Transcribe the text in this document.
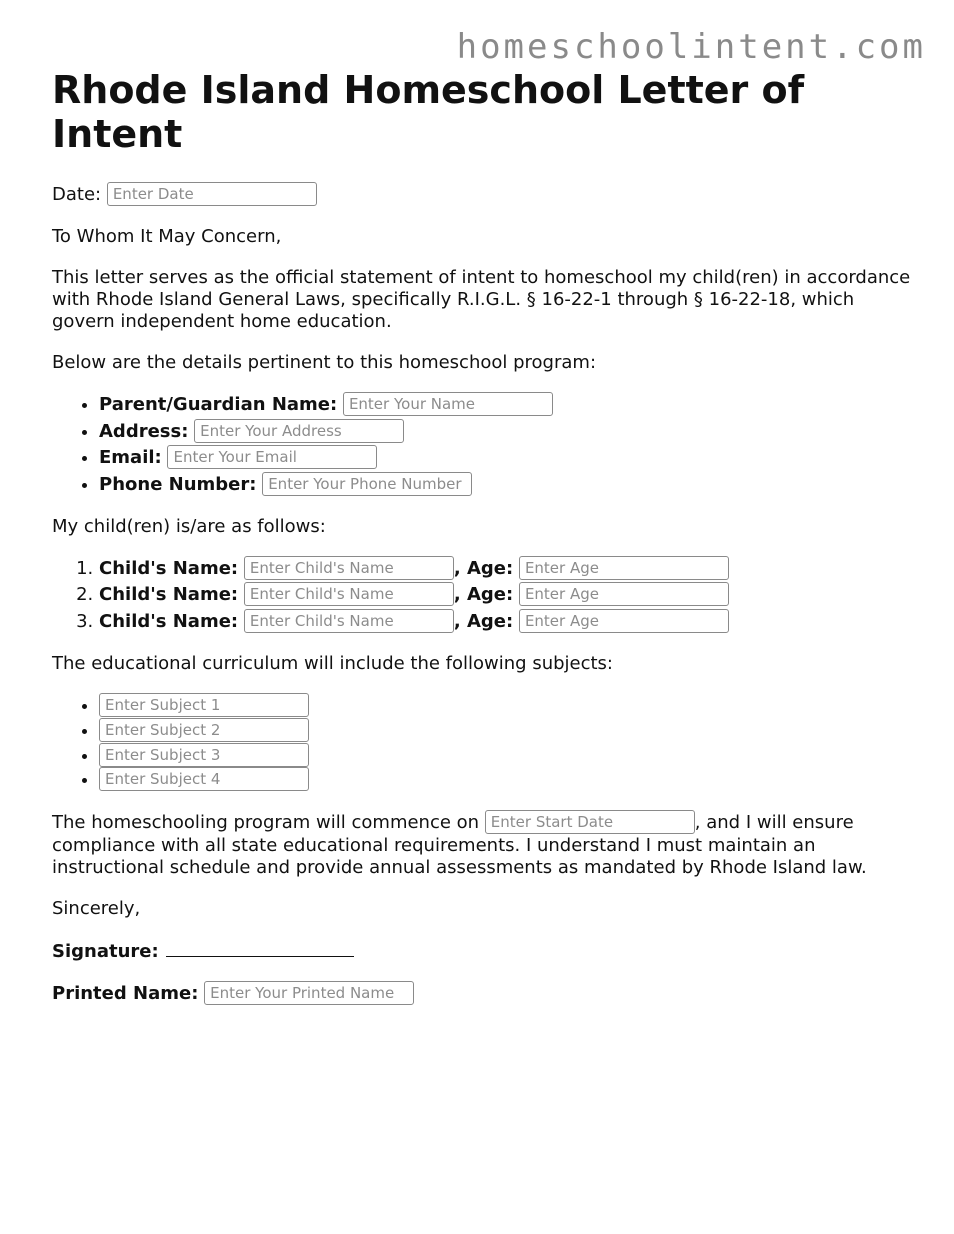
homeschoolintent.com
Rhode Island Homeschool Letter of Intent

Date: Enter Date

To Whom It May Concern,

This letter serves as the official statement of intent to homeschool my child(ren) in accordance with Rhode Island General Laws, specifically R.I.G.L. § 16-22-1 through § 16-22-18, which govern independent home education.

Below are the details pertinent to this homeschool program:

• Parent/Guardian Name: Enter Your Name
• Address: Enter Your Address
• Email: Enter Your Email
• Phone Number: Enter Your Phone Number

My child(ren) is/are as follows:

1. Child's Name: Enter Child's Name	, Age: Enter Age
2. Child's Name: Enter Child's Name	, Age: Enter Age
3. Child's Name: Enter Child's Name	, Age: Enter Age

The educational curriculum will include the following subjects:

• Enter Subject 1
• Enter Subject 2
• Enter Subject 3
• Enter Subject 4

The homeschooling program will commence on Enter Start Date	, and I will ensure compliance with all state educational requirements. I understand I must maintain an instructional schedule and provide annual assessments as mandated by Rhode Island law.

Sincerely,

Signature:

Printed Name: Enter Your Printed Name
